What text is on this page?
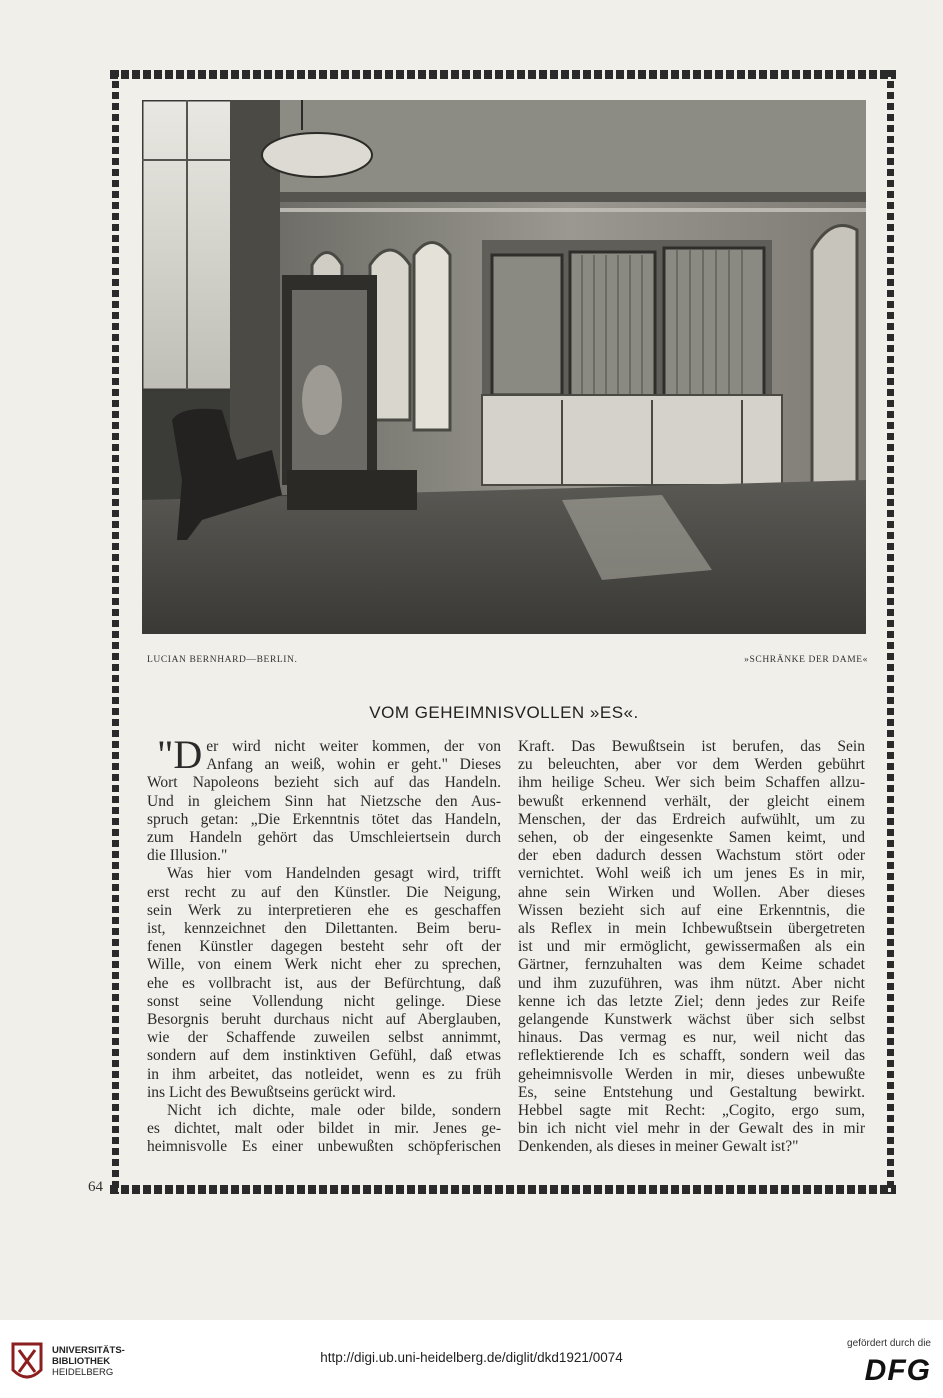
LUCIAN BERNHARD—BERLIN.	»SCHRÄNKE DER DAME«
VOM GEHEIMNISVOLLEN »ES«.

"D er wird nicht weiter kommen, der von

Anfang an weiß, wohin er geht." Dieses

Wort Napoleons bezieht sich auf das Handeln.

Und in gleichem Sinn hat Nietzsche den Aus-

spruch getan: „Die Erkenntnis tötet das Handeln,

zum Handeln gehört das Umschleiertsein durch

die Illusion."

Was hier vom Handelnden gesagt wird, trifft

erst recht zu auf den Künstler. Die Neigung,

sein Werk zu interpretieren ehe es geschaffen

ist, kennzeichnet den Dilettanten. Beim beru-

fenen Künstler dagegen besteht sehr oft der

Wille, von einem Werk nicht eher zu sprechen,

ehe es vollbracht ist, aus der Befürchtung, daß

sonst seine Vollendung nicht gelinge. Diese

Besorgnis beruht durchaus nicht auf Aberglauben,

wie der Schaffende zuweilen selbst annimmt,

sondern auf dem instinktiven Gefühl, daß etwas

in ihm arbeitet, das notleidet, wenn es zu früh

ins Licht des Bewußtseins gerückt wird.

Nicht ich dichte, male oder bilde, sondern

es dichtet, malt oder bildet in mir. Jenes ge-

heimnisvolle Es einer unbewußten schöpferischen

Kraft. Das Bewußtsein ist berufen, das Sein

zu beleuchten, aber vor dem Werden gebührt

ihm heilige Scheu. Wer sich beim Schaffen allzu-

bewußt erkennend verhält, der gleicht einem

Menschen, der das Erdreich aufwühlt, um zu

sehen, ob der eingesenkte Samen keimt, und

der eben dadurch dessen Wachstum stört oder

vernichtet. Wohl weiß ich um jenes Es in mir,

ahne sein Wirken und Wollen. Aber dieses

Wissen bezieht sich auf eine Erkenntnis, die

als Reflex in mein Ichbewußtsein übergetreten

ist und mir ermöglicht, gewissermaßen als ein

Gärtner, fernzuhalten was dem Keime schadet

und ihm zuzuführen, was ihm nützt. Aber nicht

kenne ich das letzte Ziel; denn jedes zur Reife

gelangende Kunstwerk wächst über sich selbst

hinaus. Das vermag es nur, weil nicht das

reflektierende Ich es schafft, sondern weil das

geheimnisvolle Werden in mir, dieses unbewußte

Es, seine Entstehung und Gestaltung bewirkt.

Hebbel sagte mit Recht: „Cogito, ergo sum,

bin ich nicht viel mehr in der Gewalt des in mir

Denkenden, als dieses in meiner Gewalt ist?"

64
UNIVERSITÄTS-
BIBLIOTHEK
HEIDELBERG
http://digi.ub.uni-heidelberg.de/diglit/dkd1921/0074
gefördert durch die
DFG
